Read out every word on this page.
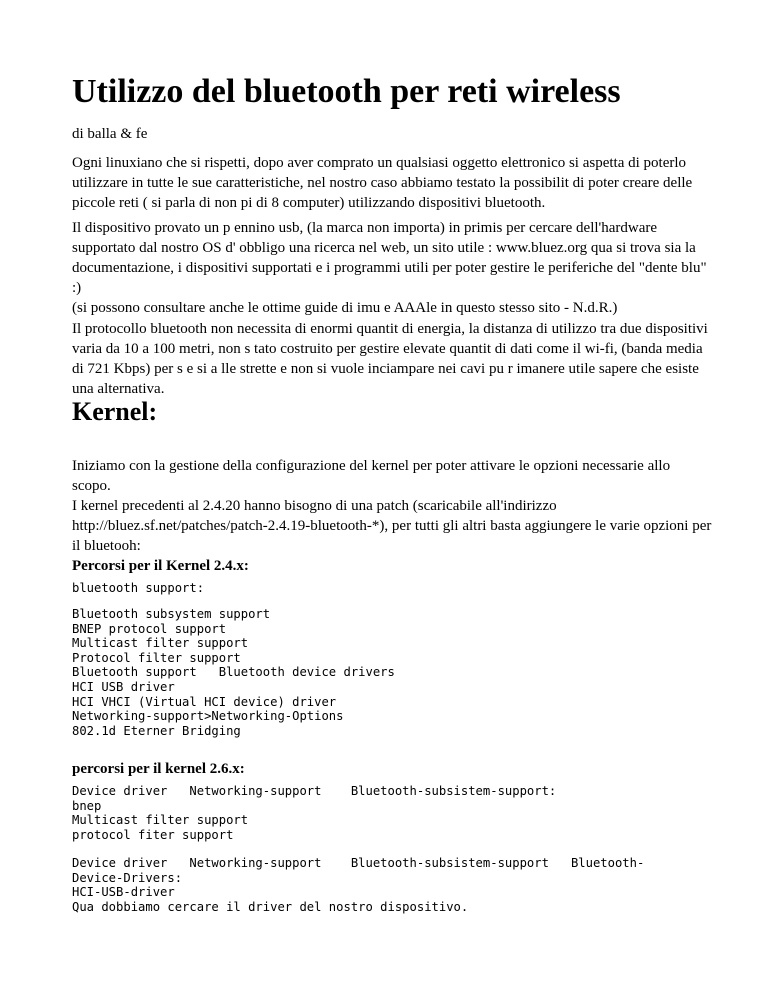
Utilizzo del bluetooth per reti wireless

di balla & fe

Ogni linuxiano che si rispetti, dopo aver comprato un qualsiasi oggetto elettronico si aspetta di poterlo utilizzare in tutte le sue caratteristiche, nel nostro caso abbiamo testato la possibilit di poter creare delle piccole reti ( si parla di non pi di 8 computer) utilizzando dispositivi bluetooth.

Il dispositivo provato un p ennino usb, (la marca non importa) in primis per cercare dell'hardware supportato dal nostro OS d' obbligo una ricerca nel web, un sito utile : www.bluez.org qua si trova sia la documentazione, i dispositivi supportati e i programmi utili per poter gestire le periferiche del "dente blu" :)
(si possono consultare anche le ottime guide di imu e AAAle in questo stesso sito - N.d.R.)

Il protocollo bluetooth non necessita di enormi quantit di energia, la distanza di utilizzo tra due dispositivi varia da 10 a 100 metri, non s tato costruito per gestire elevate quantit di dati come il wi-fi, (banda media di 721 Kbps) per s e si a lle strette e non si vuole inciampare nei cavi pu r imanere utile sapere che esiste una alternativa.

Kernel:

Iniziamo con la gestione della configurazione del kernel per poter attivare le opzioni necessarie allo scopo.
I kernel precedenti al 2.4.20 hanno bisogno di una patch (scaricabile all'indirizzo http://bluez.sf.net/patches/patch-2.4.19-bluetooth-*), per tutti gli altri basta aggiungere le varie opzioni per il bluetooh:

Percorsi per il Kernel 2.4.x:
bluetooth support:
Bluetooth subsystem support
BNEP protocol support
Multicast filter support
Protocol filter support
Bluetooth support   Bluetooth device drivers
HCI USB driver
HCI VHCI (Virtual HCI device) driver
Networking-support>Networking-Options
802.1d Eterner Bridging
percorsi per il kernel 2.6.x:
Device driver   Networking-support    Bluetooth-subsistem-support:
bnep
Multicast filter support
protocol fiter support
Device driver   Networking-support    Bluetooth-subsistem-support   Bluetooth-
Device-Drivers:
HCI-USB-driver
Qua dobbiamo cercare il driver del nostro dispositivo.
